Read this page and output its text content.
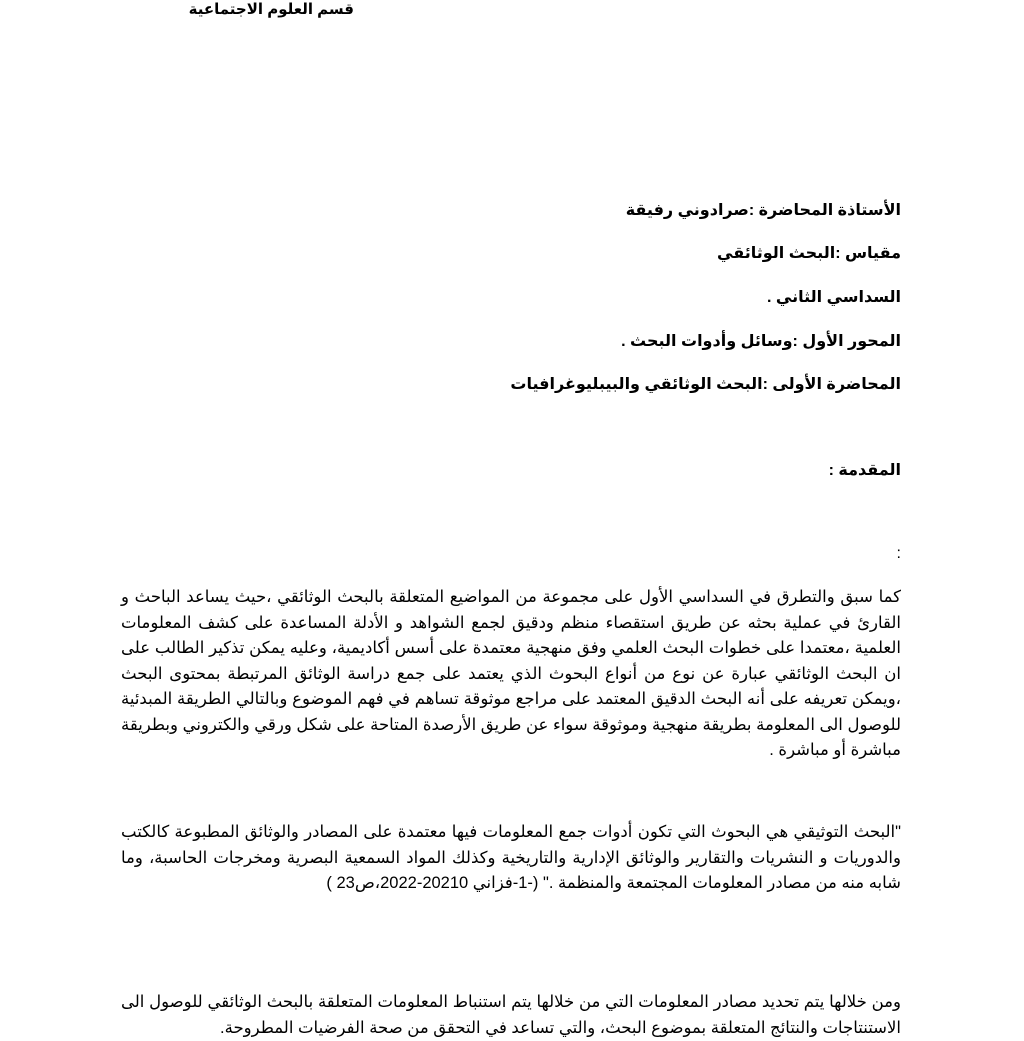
قسم العلوم الاجتماعية
الأستاذة المحاضرة :صرادوني رفيقة
مقياس :البحث الوثائقي
السداسي الثاني .
المحور الأول :وسائل وأدوات البحث .
المحاضرة الأولى :البحث الوثائقي والبيبليوغرافيات
المقدمة :
:
كما سبق والتطرق في السداسي الأول على مجموعة من المواضيع المتعلقة بالبحث الوثائقي ،حيث يساعد الباحث و القارئ في عملية بحثه عن طريق استقصاء منظم ودقيق لجمع الشواهد و الأدلة المساعدة على كشف المعلومات العلمية ،معتمدا على خطوات البحث العلمي وفق منهجية معتمدة على أسس أكاديمية، وعليه يمكن تذكير الطالب على ان البحث الوثائقي عبارة عن نوع من أنواع البحوث الذي يعتمد على جمع دراسة الوثائق المرتبطة بمحتوى البحث ،ويمكن تعريفه على أنه البحث الدقيق المعتمد على مراجع موثوقة تساهم في فهم الموضوع وبالتالي الطريقة المبدئية للوصول الى المعلومة بطريقة منهجية وموثوقة سواء عن طريق الأرصدة المتاحة على شكل ورقي والكتروني وبطريقة مباشرة أو مباشرة .
"البحث التوثيقي هي البحوث التي تكون أدوات جمع المعلومات فيها معتمدة على المصادر والوثائق المطبوعة كالكتب والدوريات و النشريات والتقارير والوثائق الإدارية والتاريخية وكذلك المواد السمعية البصرية ومخرجات الحاسبة، وما شابه منه من مصادر المعلومات المجتمعة والمنظمة ." (-1-فزاني 20210-2022،ص23 )
ومن خلالها يتم تحديد مصادر المعلومات التي من خلالها يتم استنباط المعلومات المتعلقة بالبحث الوثائقي للوصول الى الاستنتاجات والنتائج المتعلقة بموضوع البحث، والتي تساعد في التحقق من صحة الفرضيات المطروحة.
